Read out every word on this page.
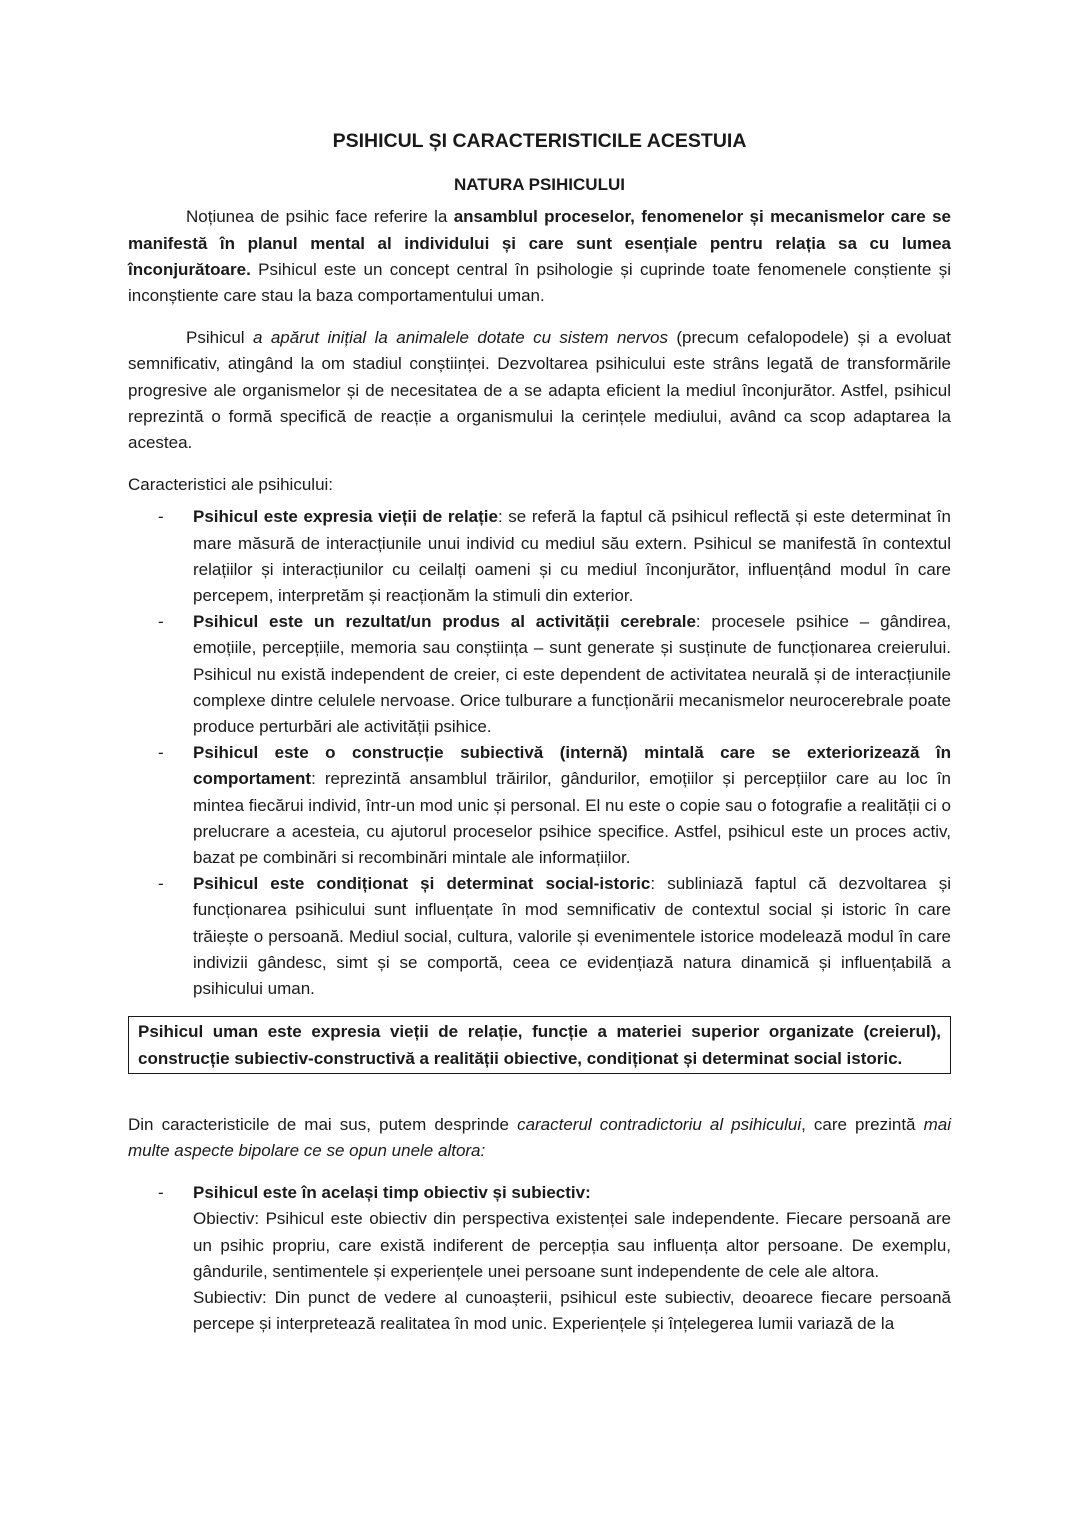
PSIHICUL ȘI CARACTERISTICILE ACESTUIA
NATURA PSIHICULUI

Noțiunea de psihic face referire la ansamblul proceselor, fenomenelor și mecanismelor care se manifestă în planul mental al individului și care sunt esențiale pentru relația sa cu lumea înconjurătoare. Psihicul este un concept central în psihologie și cuprinde toate fenomenele conștiente și inconștiente care stau la baza comportamentului uman.

Psihicul a apărut inițial la animalele dotate cu sistem nervos (precum cefalopodele) și a evoluat semnificativ, atingând la om stadiul conștiinței. Dezvoltarea psihicului este strâns legată de transformările progresive ale organismelor și de necesitatea de a se adapta eficient la mediul înconjurător. Astfel, psihicul reprezintă o formă specifică de reacție a organismului la cerințele mediului, având ca scop adaptarea la acestea.

Caracteristici ale psihicului:

- Psihicul este expresia vieții de relație: se referă la faptul că psihicul reflectă și este determinat în mare măsură de interacțiunile unui individ cu mediul său extern. Psihicul se manifestă în contextul relațiilor și interacțiunilor cu ceilalți oameni și cu mediul înconjurător, influențând modul în care percepem, interpretăm și reacționăm la stimuli din exterior.
- Psihicul este un rezultat/un produs al activității cerebrale: procesele psihice – gândirea, emoțiile, percepțiile, memoria sau conștiința – sunt generate și susținute de funcționarea creierului. Psihicul nu există independent de creier, ci este dependent de activitatea neurală și de interacțiunile complexe dintre celulele nervoase. Orice tulburare a funcționării mecanismelor neurocerebrale poate produce perturbări ale activității psihice.
- Psihicul este o construcție subiectivă (internă) mintală care se exteriorizează în comportament: reprezintă ansamblul trăirilor, gândurilor, emoțiilor și percepțiilor care au loc în mintea fiecărui individ, într-un mod unic și personal. El nu este o copie sau o fotografie a realității ci o prelucrare a acesteia, cu ajutorul proceselor psihice specifice. Astfel, psihicul este un proces activ, bazat pe combinări si recombinări mintale ale informațiilor.
- Psihicul este condiționat și determinat social-istoric: subliniază faptul că dezvoltarea și funcționarea psihicului sunt influențate în mod semnificativ de contextul social și istoric în care trăiește o persoană. Mediul social, cultura, valorile și evenimentele istorice modelează modul în care indivizii gândesc, simt și se comportă, ceea ce evidențiază natura dinamică și influențabilă a psihicului uman.
Psihicul uman este expresia vieții de relație, funcție a materiei superior organizate (creierul), construcție subiectiv-constructivă a realității obiective, condiționat și determinat social istoric.

Din caracteristicile de mai sus, putem desprinde caracterul contradictoriu al psihicului, care prezintă mai multe aspecte bipolare ce se opun unele altora:

- Psihicul este în același timp obiectiv și subiectiv:
Obiectiv: Psihicul este obiectiv din perspectiva existenței sale independente. Fiecare persoană are un psihic propriu, care există indiferent de percepția sau influența altor persoane. De exemplu, gândurile, sentimentele și experiențele unei persoane sunt independente de cele ale altora.
Subiectiv: Din punct de vedere al cunoașterii, psihicul este subiectiv, deoarece fiecare persoană percepe și interpretează realitatea în mod unic. Experiențele și înțelegerea lumii variază de la
